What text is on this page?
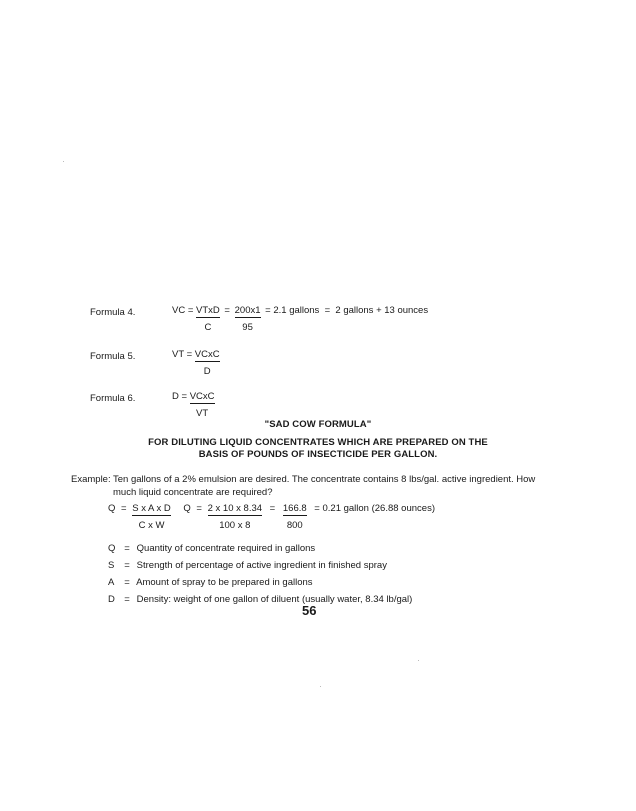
Formula 4.	VC = $\frac{\text{VTxD}}{C} = \frac{200x1}{95} = 2.1$ gallons  =  2 gallons + 13 ounces
Formula 5.	VT = $\frac{\text{VCxC}}{D}$
Formula 6.	$D = \frac{\text{VCxC}}{VT}$
"SAD COW FORMULA"
FOR DILUTING LIQUID CONCENTRATES WHICH ARE PREPARED ON THE
BASIS OF POUNDS OF INSECTICIDE PER GALLON.
Example: Ten gallons of a 2% emulsion are desired. The concentrate contains 8 lbs/gal. active ingredient. How
much liquid concentrate are required?
$Q = \frac{\text{S x A x D}}{\text{C x W}}$ $Q = \frac{2 x 10 x 8.34}{100 x 8} = \frac{166.8}{800} = 0.21$ gallon (26.88 ounces)
Q = Quantity of concentrate required in gallons
S = Strength of percentage of active ingredient in finished spray
A = Amount of spray to be prepared in gallons
D = Density: weight of one gallon of diluent (usually water, 8.34 lb/gal)
56
